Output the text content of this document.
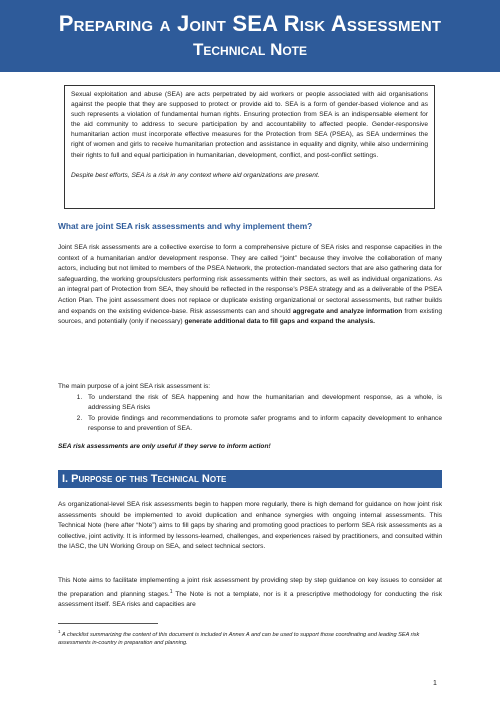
Preparing a Joint SEA Risk Assessment
Technical Note

Sexual exploitation and abuse (SEA) are acts perpetrated by aid workers or people associated with aid organisations against the people that they are supposed to protect or provide aid to. SEA is a form of gender-based violence and as such represents a violation of fundamental human rights. Ensuring protection from SEA is an indispensable element for the aid community to address to secure participation by and accountability to affected people. Gender-responsive humanitarian action must incorporate effective measures for the Protection from SEA (PSEA), as SEA undermines the right of women and girls to receive humanitarian protection and assistance in equality and dignity, while also undermining their rights to full and equal participation in humanitarian, development, conflict, and post-conflict settings.

Despite best efforts, SEA is a risk in any context where aid organizations are present.

What are joint SEA risk assessments and why implement them?

Joint SEA risk assessments are a collective exercise to form a comprehensive picture of SEA risks and response capacities in the context of a humanitarian and/or development response. They are called “joint” because they involve the collaboration of many actors, including but not limited to members of the PSEA Network, the protection-mandated sectors that are also gathering data for safeguarding, the working groups/clusters performing risk assessments within their sectors, as well as individual organizations. As an integral part of Protection from SEA, they should be reflected in the response’s PSEA strategy and as a deliverable of the PSEA Action Plan. The joint assessment does not replace or duplicate existing organizational or sectoral assessments, but rather builds and expands on the existing evidence-base. Risk assessments can and should aggregate and analyze information from existing sources, and potentially (only if necessary) generate additional data to fill gaps and expand the analysis.

The main purpose of a joint SEA risk assessment is:

1. To understand the risk of SEA happening and how the humanitarian and development response, as a whole, is addressing SEA risks
2. To provide findings and recommendations to promote safer programs and to inform capacity development to enhance response to and prevention of SEA.
SEA risk assessments are only useful if they serve to inform action!
I. Purpose of this Technical Note

As organizational-level SEA risk assessments begin to happen more regularly, there is high demand for guidance on how joint risk assessments should be implemented to avoid duplication and enhance synergies with ongoing internal assessments. This Technical Note (here after “Note”) aims to fill gaps by sharing and promoting good practices to perform SEA risk assessments as a collective, joint activity. It is informed by lessons-learned, challenges, and experiences raised by practitioners, and consulted within the IASC, the UN Working Group on SEA, and select technical sectors.

This Note aims to facilitate implementing a joint risk assessment by providing step by step guidance on key issues to consider at the preparation and planning stages.$^1$ The Note is not a template, nor is it a prescriptive methodology for conducting the risk assessment itself. SEA risks and capacities are

$^1$ A checklist summarizing the content of this document is included in Annex A and can be used to support those coordinating and leading SEA risk assessments in-country in preparation and planning.
1
